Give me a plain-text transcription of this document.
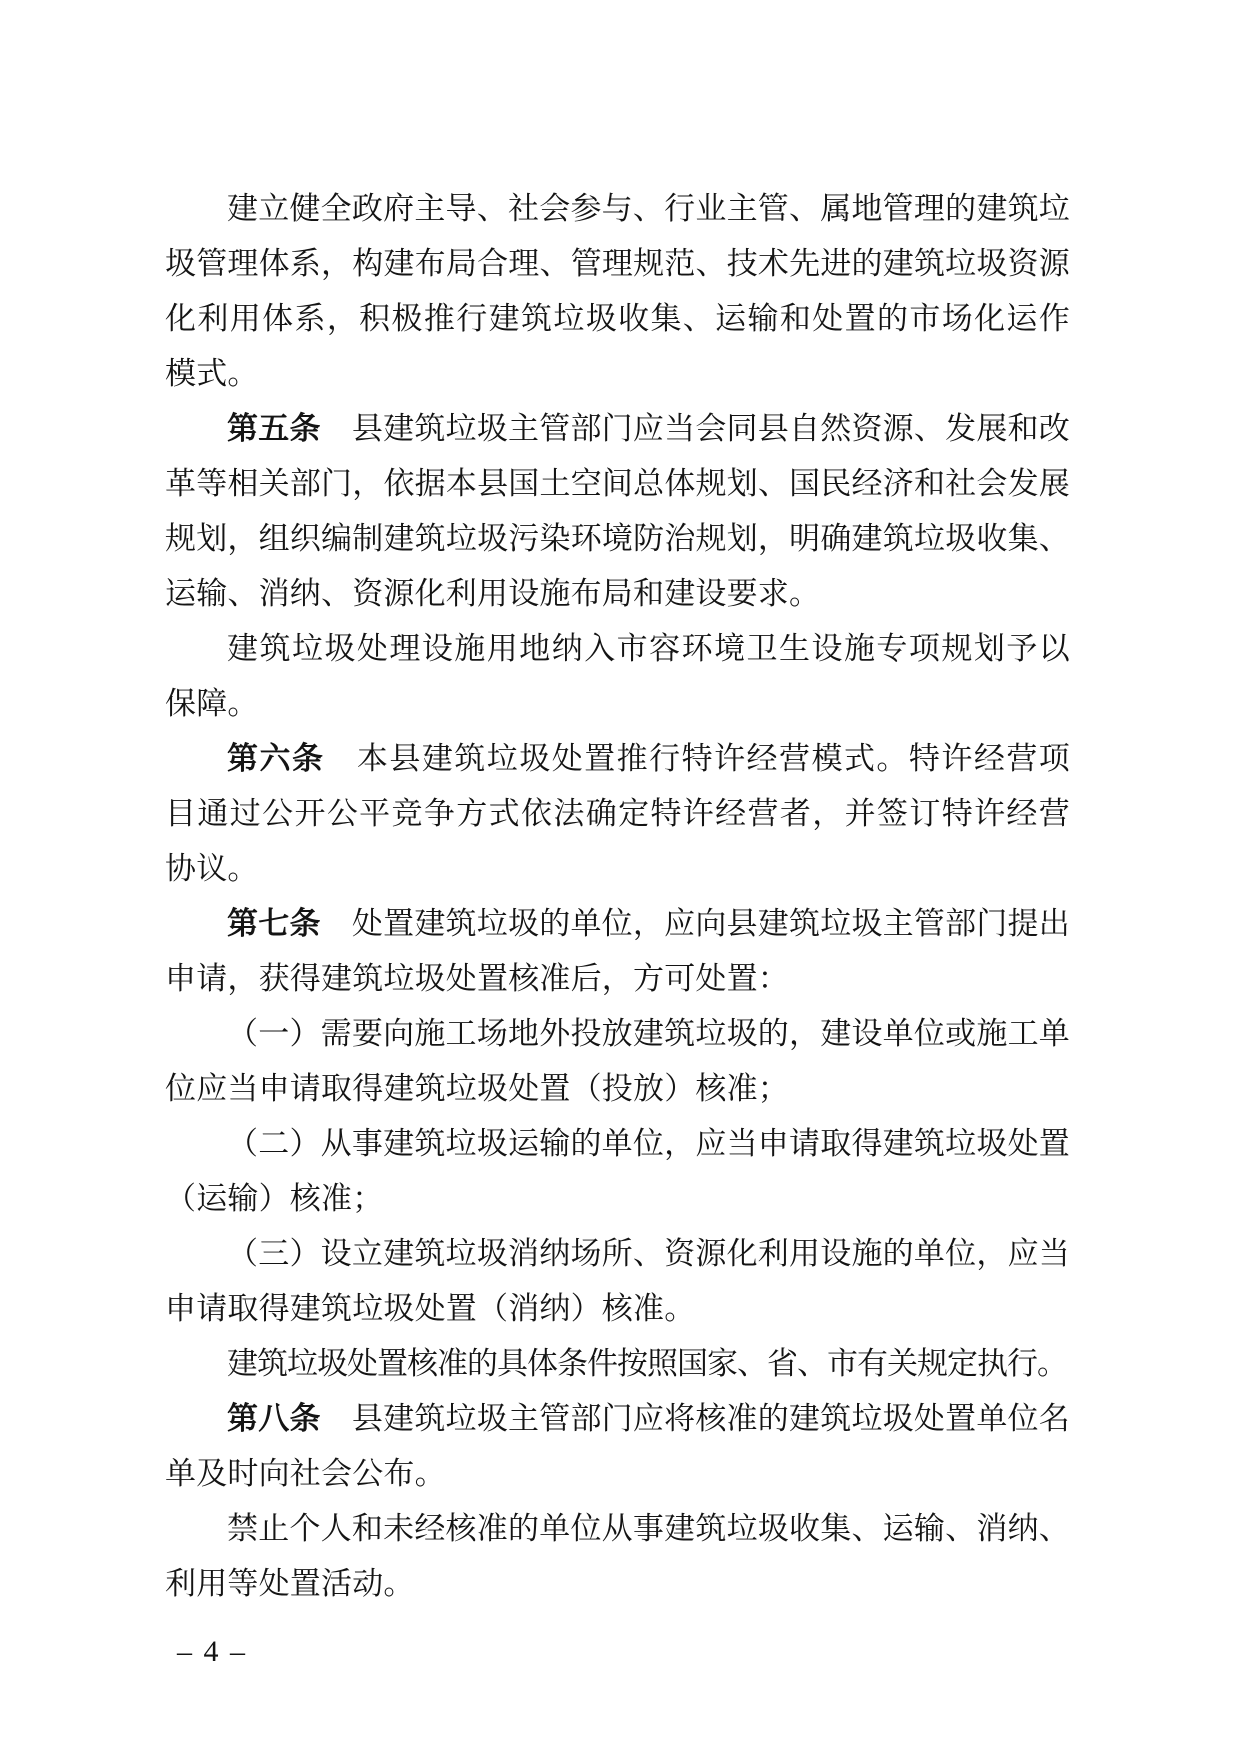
建立健全政府主导、社会参与、行业主管、属地管理的建筑垃
圾管理体系，构建布局合理、管理规范、技术先进的建筑垃圾资源
化利用体系，积极推行建筑垃圾收集、运输和处置的市场化运作
模式。
第五条　县建筑垃圾主管部门应当会同县自然资源、发展和改
革等相关部门，依据本县国土空间总体规划、国民经济和社会发展
规划，组织编制建筑垃圾污染环境防治规划，明确建筑垃圾收集、
运输、消纳、资源化利用设施布局和建设要求。
建筑垃圾处理设施用地纳入市容环境卫生设施专项规划予以
保障。
第六条　本县建筑垃圾处置推行特许经营模式。特许经营项
目通过公开公平竞争方式依法确定特许经营者，并签订特许经营
协议。
第七条　处置建筑垃圾的单位，应向县建筑垃圾主管部门提出
申请，获得建筑垃圾处置核准后，方可处置：
（一）需要向施工场地外投放建筑垃圾的，建设单位或施工单
位应当申请取得建筑垃圾处置（投放）核准；
（二）从事建筑垃圾运输的单位，应当申请取得建筑垃圾处置
（运输）核准；
（三）设立建筑垃圾消纳场所、资源化利用设施的单位，应当
申请取得建筑垃圾处置（消纳）核准。
建筑垃圾处置核准的具体条件按照国家、省、市有关规定执行。
第八条　县建筑垃圾主管部门应将核准的建筑垃圾处置单位名
单及时向社会公布。
禁止个人和未经核准的单位从事建筑垃圾收集、运输、消纳、
利用等处置活动。
– 4 –
